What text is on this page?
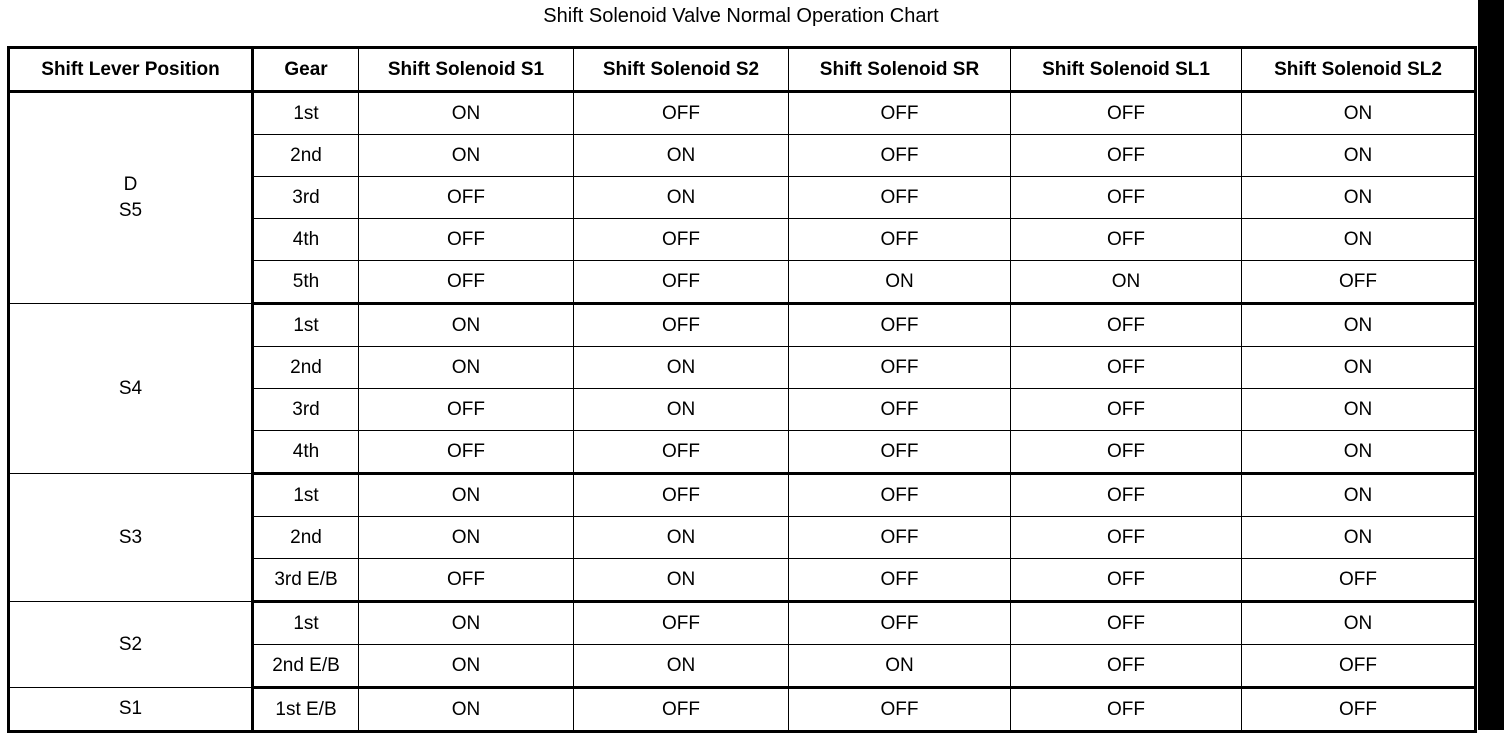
Shift Solenoid Valve Normal Operation Chart
Shift Lever Position	Gear	Shift Solenoid S1	Shift Solenoid S2	Shift Solenoid SR	Shift Solenoid SL1	Shift Solenoid SL2

D
S5	1st	ON	OFF	OFF	OFF	ON
	2nd	ON	ON	OFF	OFF	ON
	3rd	OFF	ON	OFF	OFF	ON
	4th	OFF	OFF	OFF	OFF	ON
	5th	OFF	OFF	ON	ON	OFF

S4	1st	ON	OFF	OFF	OFF	ON
	2nd	ON	ON	OFF	OFF	ON
	3rd	OFF	ON	OFF	OFF	ON
	4th	OFF	OFF	OFF	OFF	ON

S3	1st	ON	OFF	OFF	OFF	ON
	2nd	ON	ON	OFF	OFF	ON
	3rd E/B	OFF	ON	OFF	OFF	OFF

S2	1st	ON	OFF	OFF	OFF	ON
	2nd E/B	ON	ON	ON	OFF	OFF

S1	1st E/B	ON	OFF	OFF	OFF	OFF
